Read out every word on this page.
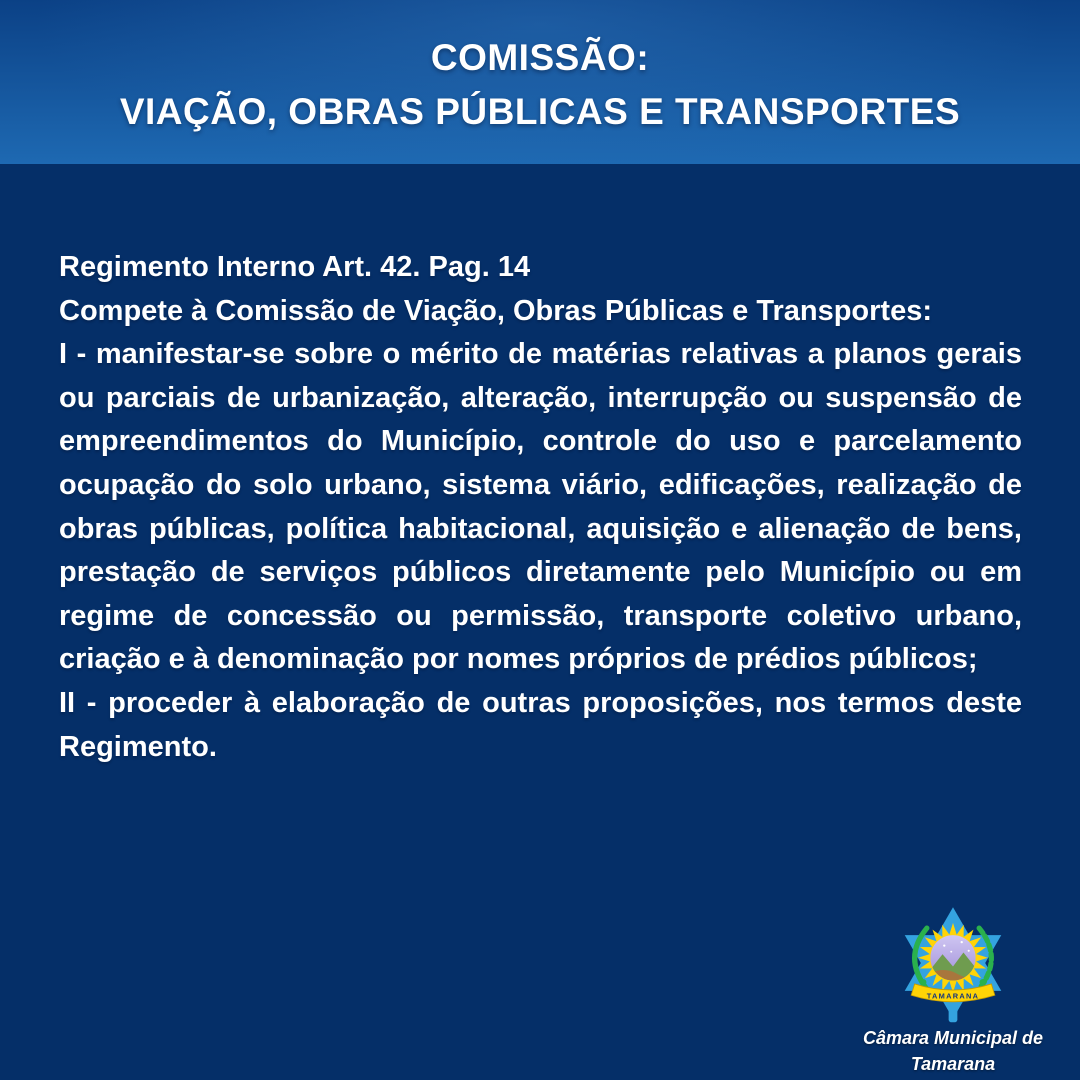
COMISSÃO:
VIAÇÃO, OBRAS PÚBLICAS E TRANSPORTES

Regimento Interno Art. 42. Pag. 14

Compete à Comissão de Viação, Obras Públicas e Transportes:

I - manifestar-se sobre o mérito de matérias relativas a planos gerais ou parciais de urbanização, alteração, interrupção ou suspensão de empreendimentos do Município, controle do uso e parcelamento ocupação do solo urbano, sistema viário, edificações, realização de obras públicas, política habitacional, aquisição e alienação de bens, prestação de serviços públicos diretamente pelo Município ou em regime de concessão ou permissão, transporte coletivo urbano, criação e à denominação por nomes próprios de prédios públicos;

II - proceder à elaboração de outras proposições, nos termos deste Regimento.

TAMARANA
Câmara Municipal de
Tamarana
